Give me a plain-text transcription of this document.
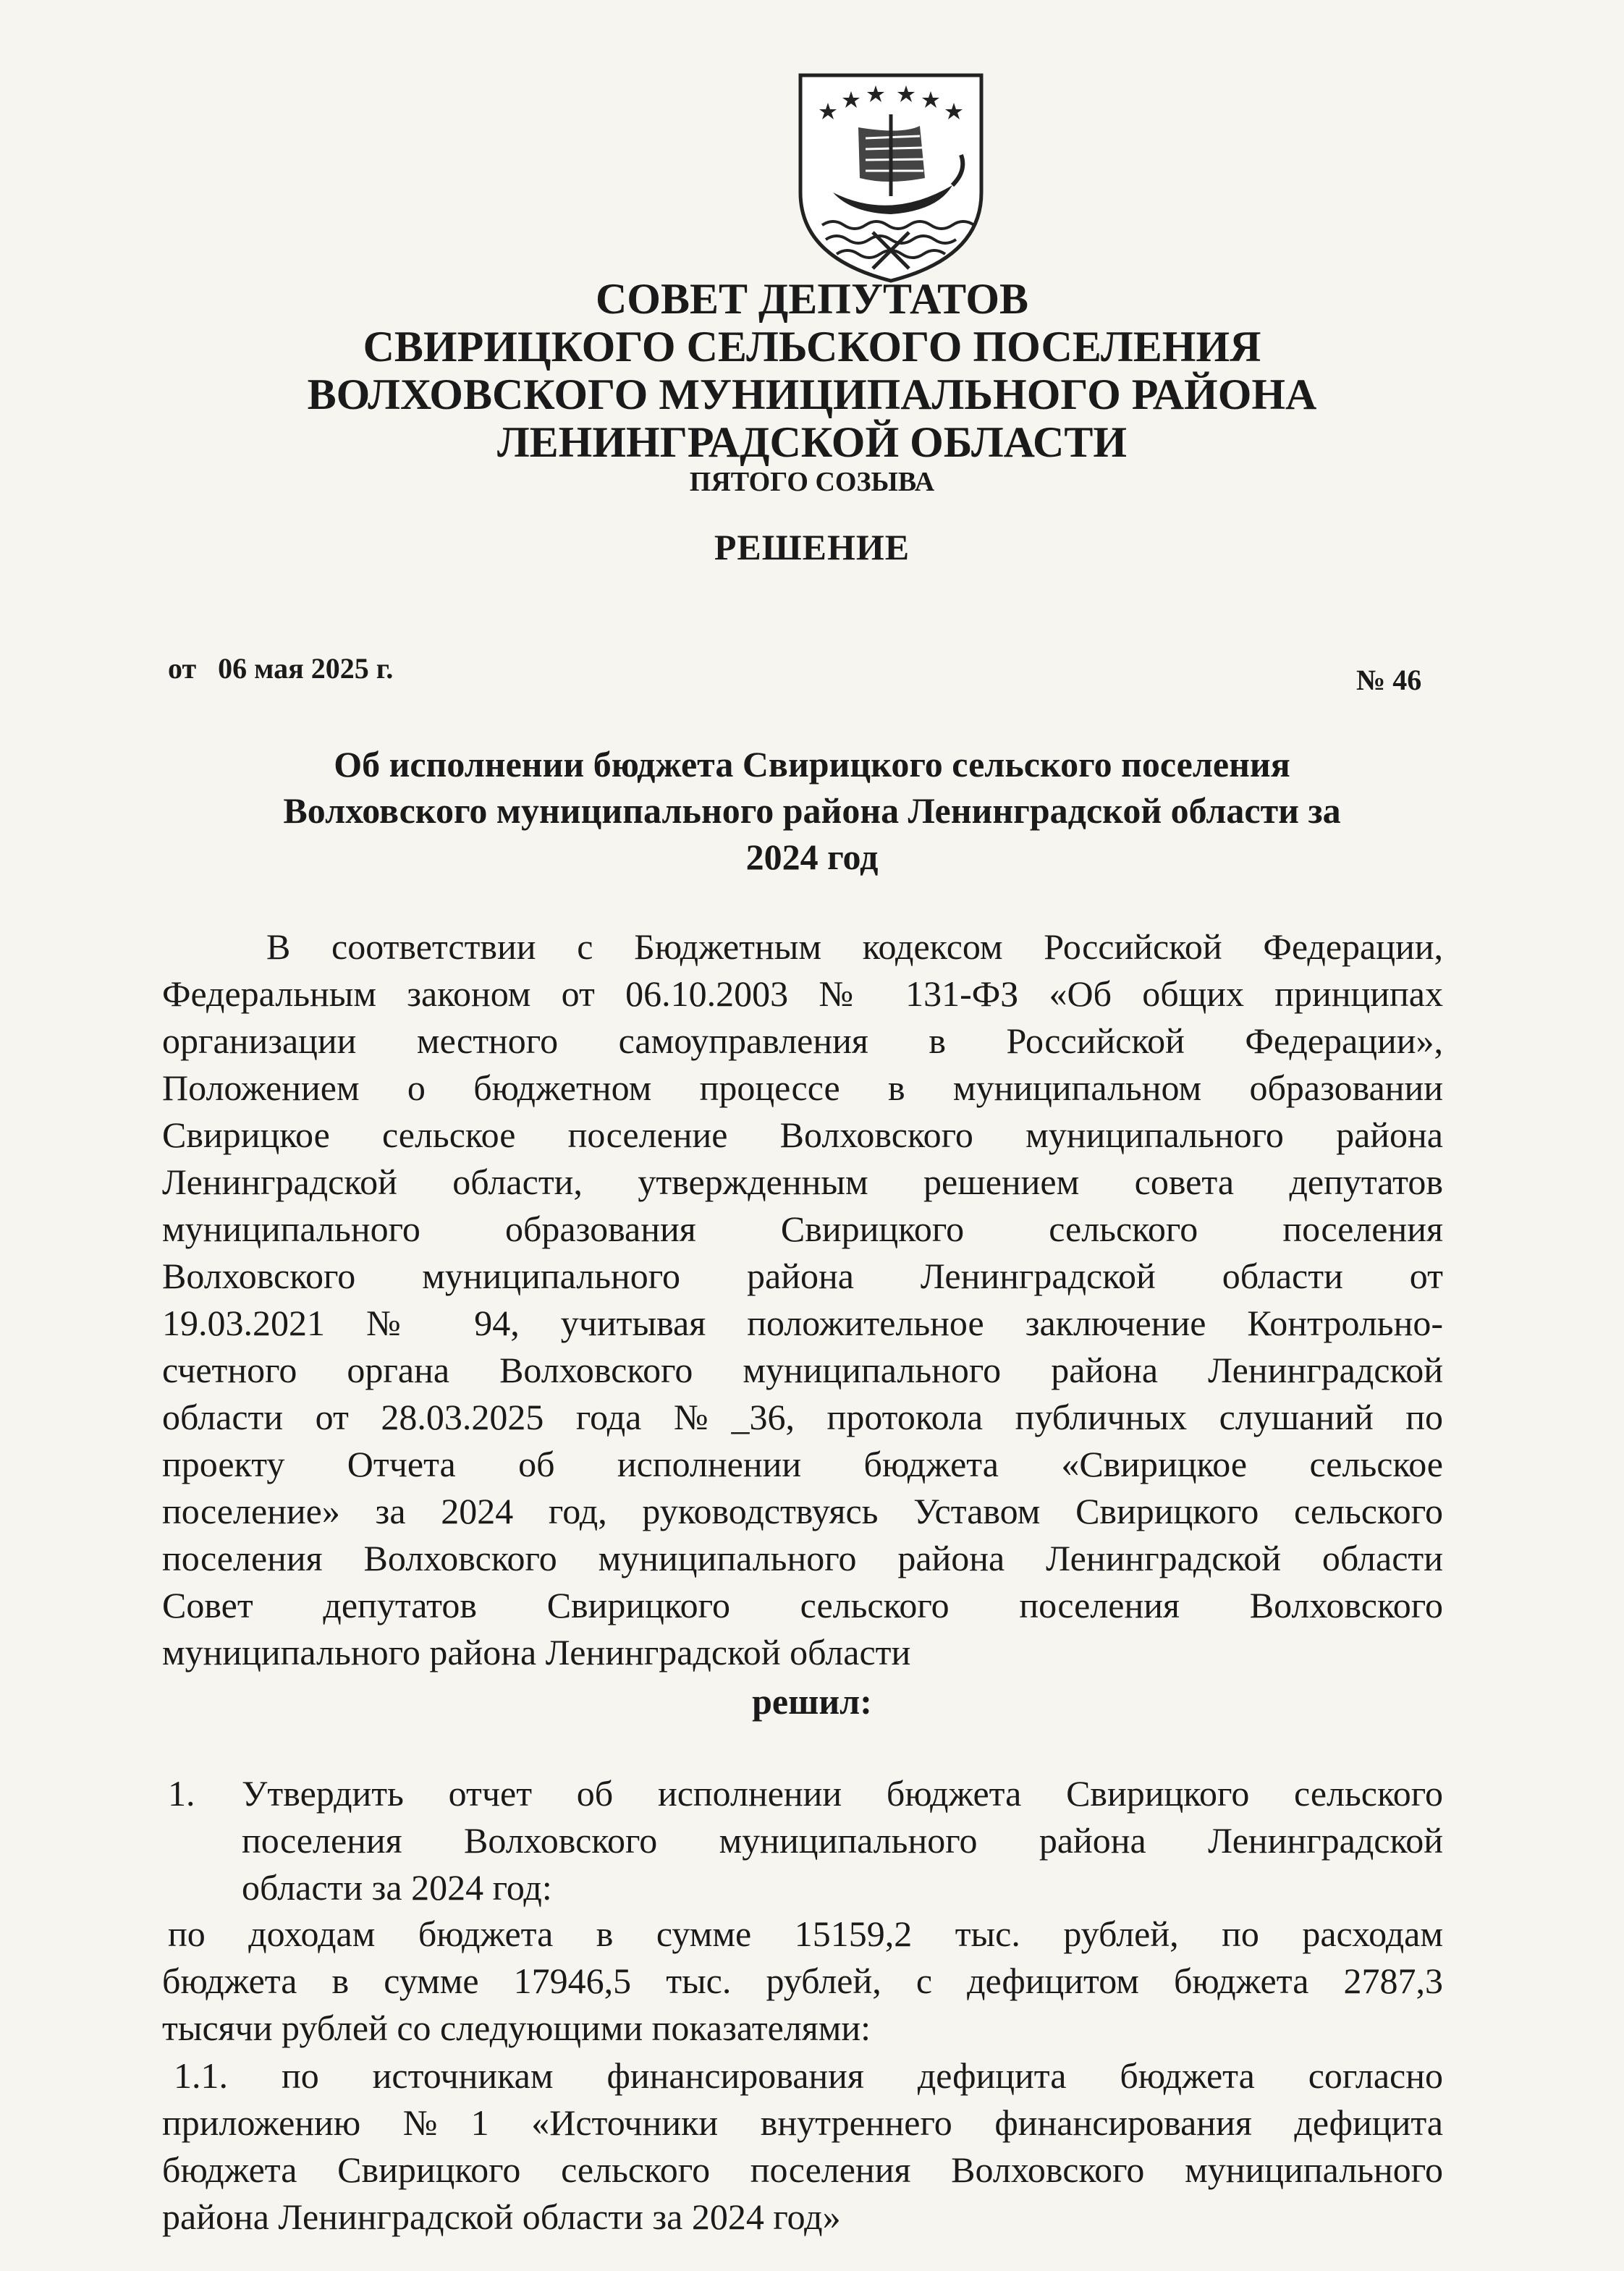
СОВЕТ ДЕПУТАТОВ
СВИРИЦКОГО СЕЛЬСКОГО ПОСЕЛЕНИЯ
ВОЛХОВСКОГО МУНИЦИПАЛЬНОГО РАЙОНА
ЛЕНИНГРАДСКОЙ ОБЛАСТИ
ПЯТОГО СОЗЫВА
РЕШЕНИЕ
от   06 мая 2025 г.	№ 46
Об исполнении бюджета Свирицкого сельского поселения
Волховского муниципального района Ленинградской области за
2024 год
В соответствии с Бюджетным кодексом Российской Федерации,
Федеральным законом от 06.10.2003 № 131-ФЗ «Об общих принципах
организации местного самоуправления в Российской Федерации»,
Положением о бюджетном процессе в муниципальном образовании
Свирицкое сельское поселение Волховского муниципального района
Ленинградской области, утвержденным решением совета депутатов
муниципального образования Свирицкого сельского поселения
Волховского муниципального района Ленинградской области от
19.03.2021 № 94, учитывая положительное заключение Контрольно-
счетного органа Волховского муниципального района Ленинградской
области от 28.03.2025 года №_36, протокола публичных слушаний по
проекту Отчета об исполнении бюджета «Свирицкое сельское
поселение» за 2024 год, руководствуясь Уставом Свирицкого сельского
поселения Волховского муниципального района Ленинградской области
Совет депутатов Свирицкого сельского поселения Волховского
муниципального района Ленинградской области
решил:
1. Утвердить отчет об исполнении бюджета Свирицкого сельского
поселения Волховского муниципального района Ленинградской
области за 2024 год:
по доходам бюджета в сумме 15159,2 тыс. рублей, по расходам
бюджета в сумме 17946,5 тыс. рублей, с дефицитом бюджета 2787,3
тысячи рублей со следующими показателями:
1.1. по источникам финансирования дефицита бюджета согласно
приложению №1 «Источники внутреннего финансирования дефицита
бюджета Свирицкого сельского поселения Волховского муниципального
района Ленинградской области за 2024 год»
